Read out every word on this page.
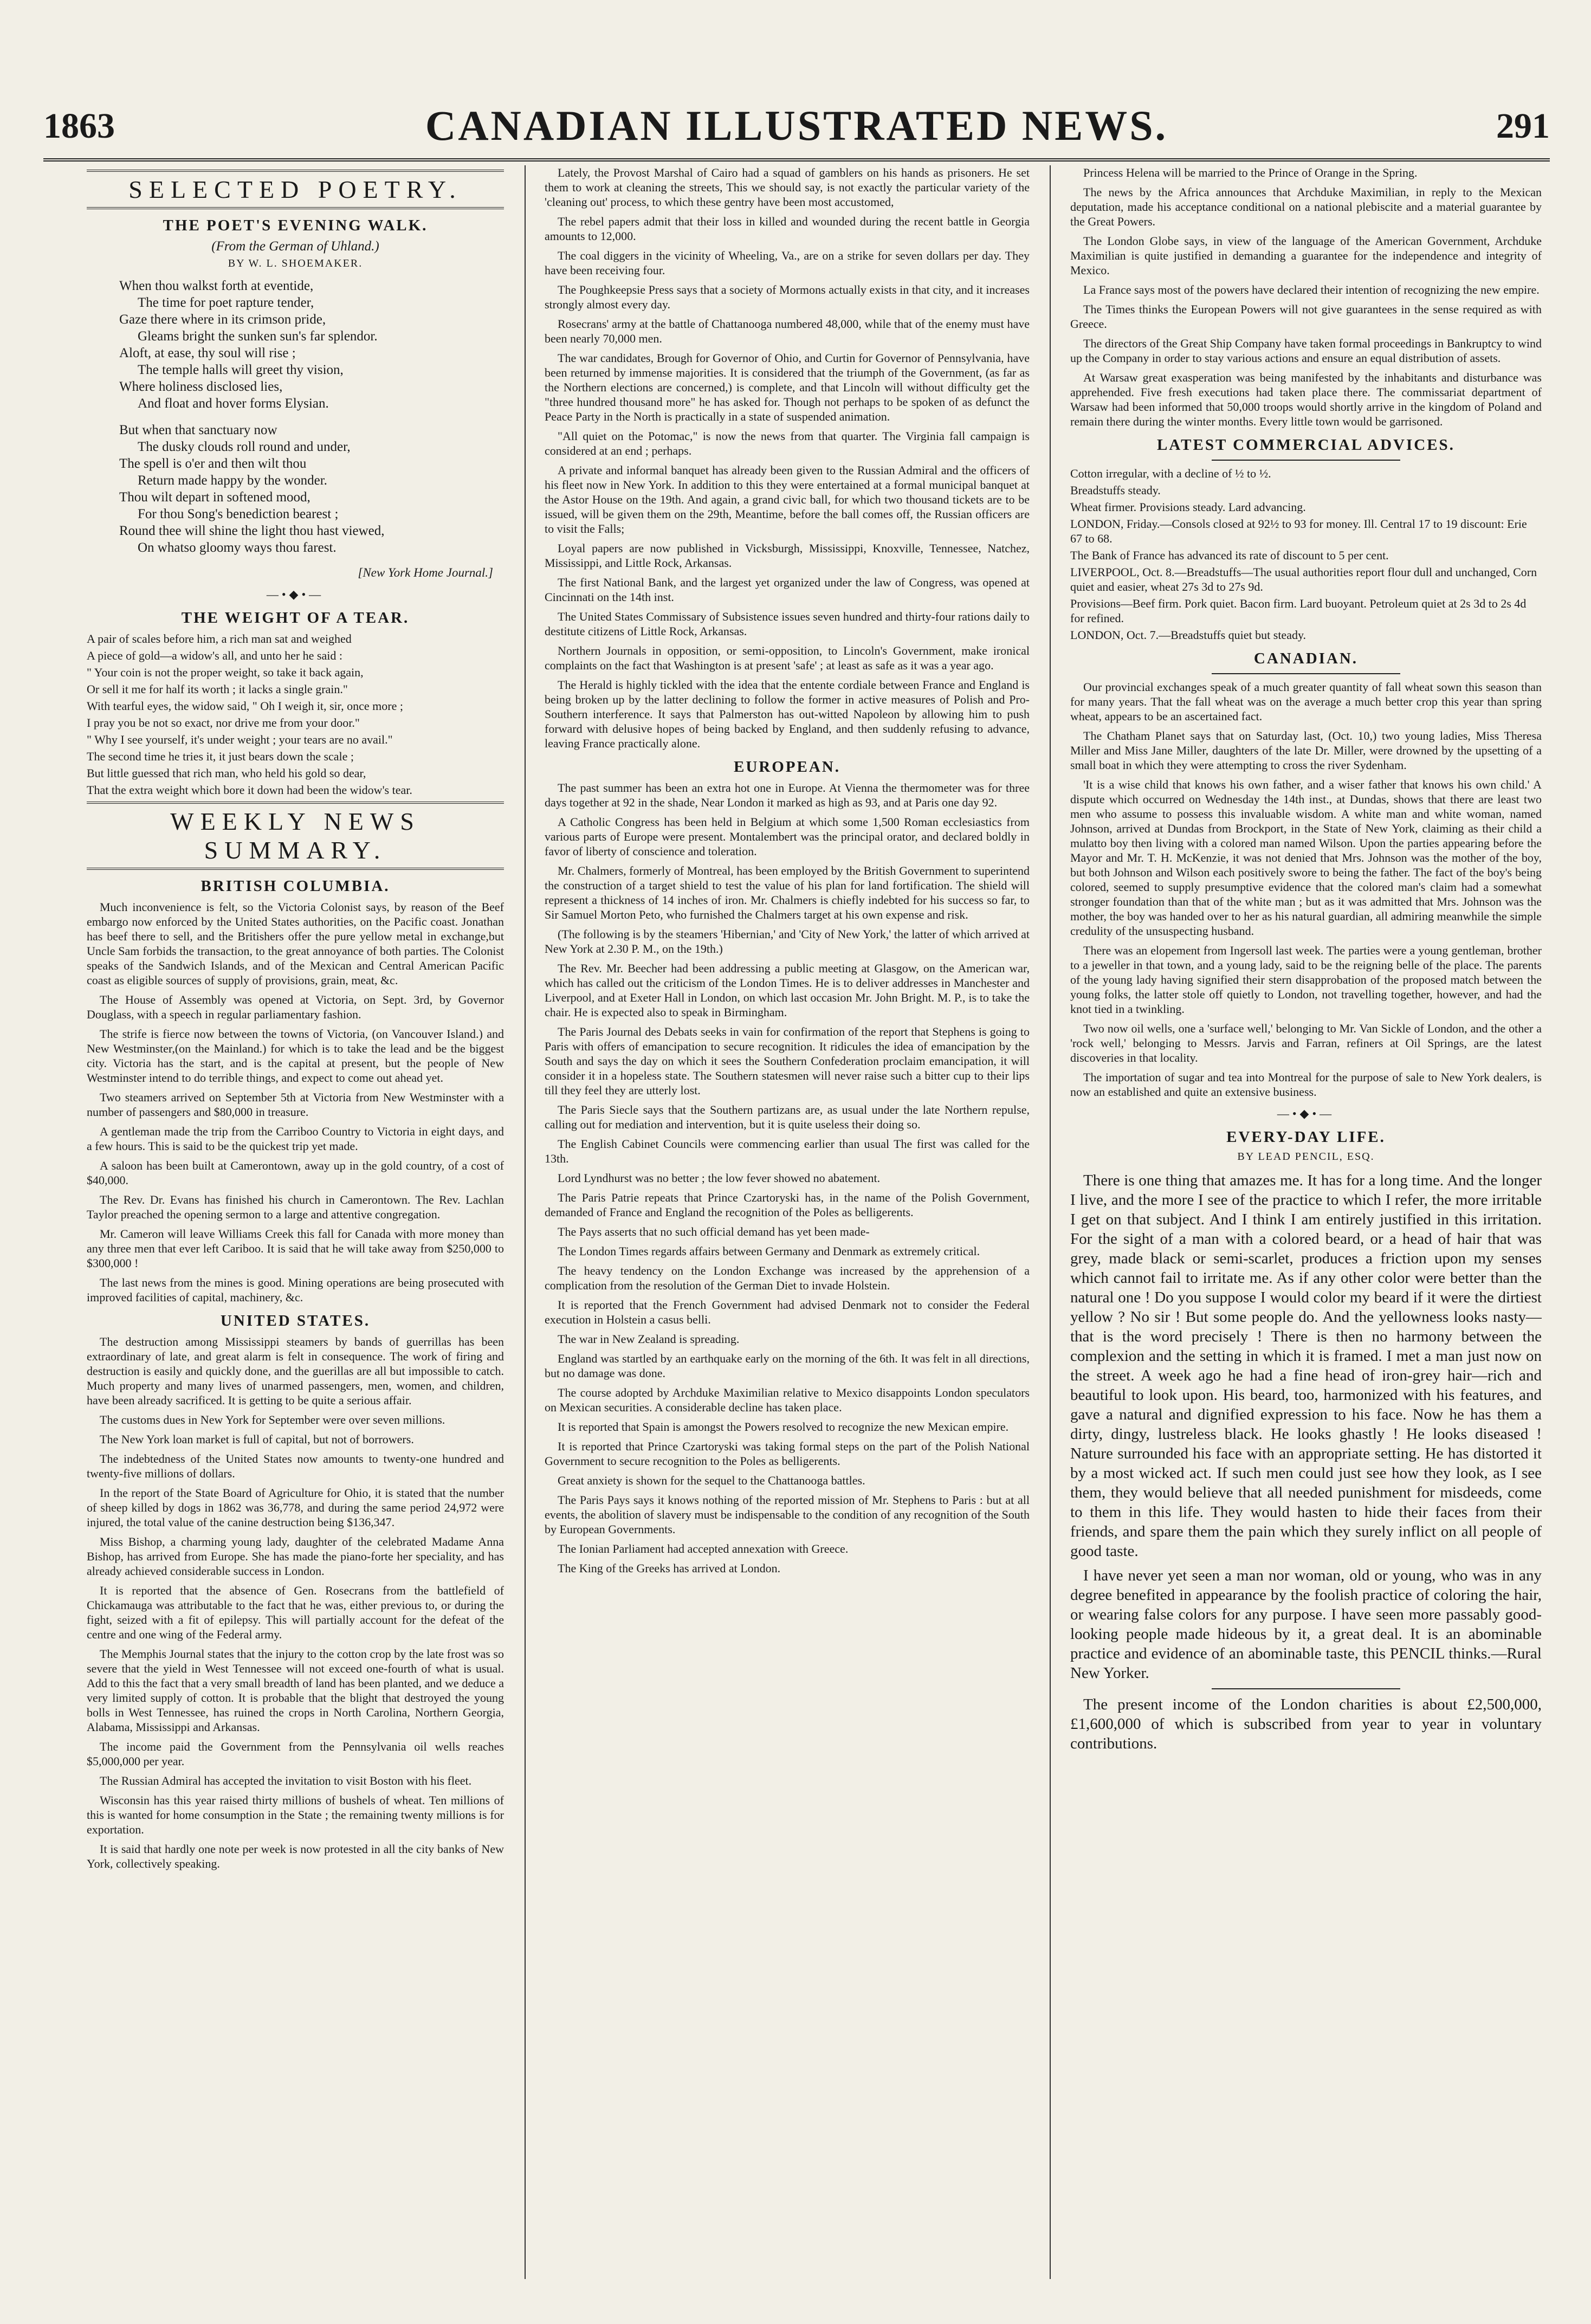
1863	CANADIAN ILLUSTRATED NEWS.	291
SELECTED POETRY.
THE POET'S EVENING WALK.
(From the German of Uhland.)
BY W. L. SHOEMAKER.
When thou walkst forth at eventide,
The time for poet rapture tender,
Gaze there where in its crimson pride,
Gleams bright the sunken sun's far splendor.
Aloft, at ease, thy soul will rise ;
The temple halls will greet thy vision,
Where holiness disclosed lies,
And float and hover forms Elysian.
But when that sanctuary now
The dusky clouds roll round and under,
The spell is o'er and then wilt thou
Return made happy by the wonder.
Thou wilt depart in softened mood,
For thou Song's benediction bearest ;
Round thee will shine the light thou hast viewed,
On whatso gloomy ways thou farest.
[New York Home Journal.]
—•◆•—
THE WEIGHT OF A TEAR.

A pair of scales before him, a rich man sat and weighed

A piece of gold—a widow's all, and unto her he said :

" Your coin is not the proper weight, so take it back again,

Or sell it me for half its worth ; it lacks a single grain."

With tearful eyes, the widow said, " Oh I weigh it, sir, once more ;

I pray you be not so exact, nor drive me from your door."

" Why I see yourself, it's under weight ; your tears are no avail."

The second time he tries it, it just bears down the scale ;

But little guessed that rich man, who held his gold so dear,

That the extra weight which bore it down had been the widow's tear.

WEEKLY NEWS SUMMARY.
BRITISH COLUMBIA.

Much inconvenience is felt, so the Victoria Colonist says, by reason of the Beef embargo now enforced by the United States authorities, on the Pacific coast. Jonathan has beef there to sell, and the Britishers offer the pure yellow metal in exchange,but Uncle Sam forbids the transaction, to the great annoyance of both parties. The Colonist speaks of the Sandwich Islands, and of the Mexican and Central American Pacific coast as eligible sources of supply of provisions, grain, meat, &c.

The House of Assembly was opened at Victoria, on Sept. 3rd, by Governor Douglass, with a speech in regular parliamentary fashion.

The strife is fierce now between the towns of Victoria, (on Vancouver Island.) and New Westminster,(on the Mainland.) for which is to take the lead and be the biggest city. Victoria has the start, and is the capital at present, but the people of New Westminster intend to do terrible things, and expect to come out ahead yet.

Two steamers arrived on September 5th at Victoria from New Westminster with a number of passengers and $80,000 in treasure.

A gentleman made the trip from the Carriboo Country to Victoria in eight days, and a few hours. This is said to be the quickest trip yet made.

A saloon has been built at Camerontown, away up in the gold country, of a cost of $40,000.

The Rev. Dr. Evans has finished his church in Camerontown. The Rev. Lachlan Taylor preached the opening sermon to a large and attentive congregation.

Mr. Cameron will leave Williams Creek this fall for Canada with more money than any three men that ever left Cariboo. It is said that he will take away from $250,000 to $300,000 !

The last news from the mines is good. Mining operations are being prosecuted with improved facilities of capital, machinery, &c.

UNITED STATES.

The destruction among Mississippi steamers by bands of guerrillas has been extraordinary of late, and great alarm is felt in consequence. The work of firing and destruction is easily and quickly done, and the guerillas are all but impossible to catch. Much property and many lives of unarmed passengers, men, women, and children, have been already sacrificed. It is getting to be quite a serious affair.

The customs dues in New York for September were over seven millions.

The New York loan market is full of capital, but not of borrowers.

The indebtedness of the United States now amounts to twenty-one hundred and twenty-five millions of dollars.

In the report of the State Board of Agriculture for Ohio, it is stated that the number of sheep killed by dogs in 1862 was 36,778, and during the same period 24,972 were injured, the total value of the canine destruction being $136,347.

Miss Bishop, a charming young lady, daughter of the celebrated Madame Anna Bishop, has arrived from Europe. She has made the piano-forte her speciality, and has already achieved considerable success in London.

It is reported that the absence of Gen. Rosecrans from the battlefield of Chickamauga was attributable to the fact that he was, either previous to, or during the fight, seized with a fit of epilepsy. This will partially account for the defeat of the centre and one wing of the Federal army.

The Memphis Journal states that the injury to the cotton crop by the late frost was so severe that the yield in West Tennessee will not exceed one-fourth of what is usual. Add to this the fact that a very small breadth of land has been planted, and we deduce a very limited supply of cotton. It is probable that the blight that destroyed the young bolls in West Tennessee, has ruined the crops in North Carolina, Northern Georgia, Alabama, Mississippi and Arkansas.

The income paid the Government from the Pennsylvania oil wells reaches $5,000,000 per year.

The Russian Admiral has accepted the invitation to visit Boston with his fleet.

Wisconsin has this year raised thirty millions of bushels of wheat. Ten millions of this is wanted for home consumption in the State ; the remaining twenty millions is for exportation.

It is said that hardly one note per week is now protested in all the city banks of New York, collectively speaking.

Lately, the Provost Marshal of Cairo had a squad of gamblers on his hands as prisoners. He set them to work at cleaning the streets, This we should say, is not exactly the particular variety of the 'cleaning out' process, to which these gentry have been most accustomed,

The rebel papers admit that their loss in killed and wounded during the recent battle in Georgia amounts to 12,000.

The coal diggers in the vicinity of Wheeling, Va., are on a strike for seven dollars per day. They have been receiving four.

The Poughkeepsie Press says that a society of Mormons actually exists in that city, and it increases strongly almost every day.

Rosecrans' army at the battle of Chattanooga numbered 48,000, while that of the enemy must have been nearly 70,000 men.

The war candidates, Brough for Governor of Ohio, and Curtin for Governor of Pennsylvania, have been returned by immense majorities. It is considered that the triumph of the Government, (as far as the Northern elections are concerned,) is complete, and that Lincoln will without difficulty get the "three hundred thousand more" he has asked for. Though not perhaps to be spoken of as defunct the Peace Party in the North is practically in a state of suspended animation.

"All quiet on the Potomac," is now the news from that quarter. The Virginia fall campaign is considered at an end ; perhaps.

A private and informal banquet has already been given to the Russian Admiral and the officers of his fleet now in New York. In addition to this they were entertained at a formal municipal banquet at the Astor House on the 19th. And again, a grand civic ball, for which two thousand tickets are to be issued, will be given them on the 29th, Meantime, before the ball comes off, the Russian officers are to visit the Falls;

Loyal papers are now published in Vicksburgh, Mississippi, Knoxville, Tennessee, Natchez, Mississippi, and Little Rock, Arkansas.

The first National Bank, and the largest yet organized under the law of Congress, was opened at Cincinnati on the 14th inst.

The United States Commissary of Subsistence issues seven hundred and thirty-four rations daily to destitute citizens of Little Rock, Arkansas.

Northern Journals in opposition, or semi-opposition, to Lincoln's Government, make ironical complaints on the fact that Washington is at present 'safe' ; at least as safe as it was a year ago.

The Herald is highly tickled with the idea that the entente cordiale between France and England is being broken up by the latter declining to follow the former in active measures of Polish and Pro-Southern interference. It says that Palmerston has out-witted Napoleon by allowing him to push forward with delusive hopes of being backed by England, and then suddenly refusing to advance, leaving France practically alone.

EUROPEAN.

The past summer has been an extra hot one in Europe. At Vienna the thermometer was for three days together at 92 in the shade, Near London it marked as high as 93, and at Paris one day 92.

A Catholic Congress has been held in Belgium at which some 1,500 Roman ecclesiastics from various parts of Europe were present. Montalembert was the principal orator, and declared boldly in favor of liberty of conscience and toleration.

Mr. Chalmers, formerly of Montreal, has been employed by the British Government to superintend the construction of a target shield to test the value of his plan for land fortification. The shield will represent a thickness of 14 inches of iron. Mr. Chalmers is chiefly indebted for his success so far, to Sir Samuel Morton Peto, who furnished the Chalmers target at his own expense and risk.

(The following is by the steamers 'Hibernian,' and 'City of New York,' the latter of which arrived at New York at 2.30 P. M., on the 19th.)

The Rev. Mr. Beecher had been addressing a public meeting at Glasgow, on the American war, which has called out the criticism of the London Times. He is to deliver addresses in Manchester and Liverpool, and at Exeter Hall in London, on which last occasion Mr. John Bright. M. P., is to take the chair. He is expected also to speak in Birmingham.

The Paris Journal des Debats seeks in vain for confirmation of the report that Stephens is going to Paris with offers of emancipation to secure recognition. It ridicules the idea of emancipation by the South and says the day on which it sees the Southern Confederation proclaim emancipation, it will consider it in a hopeless state. The Southern statesmen will never raise such a bitter cup to their lips till they feel they are utterly lost.

The Paris Siecle says that the Southern partizans are, as usual under the late Northern repulse, calling out for mediation and intervention, but it is quite useless their doing so.

The English Cabinet Councils were commencing earlier than usual The first was called for the 13th.

Lord Lyndhurst was no better ; the low fever showed no abatement.

The Paris Patrie repeats that Prince Czartoryski has, in the name of the Polish Government, demanded of France and England the recognition of the Poles as belligerents.

The Pays asserts that no such official demand has yet been made-

The London Times regards affairs between Germany and Denmark as extremely critical.

The heavy tendency on the London Exchange was increased by the apprehension of a complication from the resolution of the German Diet to invade Holstein.

It is reported that the French Government had advised Denmark not to consider the Federal execution in Holstein a casus belli.

The war in New Zealand is spreading.

England was startled by an earthquake early on the morning of the 6th. It was felt in all directions, but no damage was done.

The course adopted by Archduke Maximilian relative to Mexico disappoints London speculators on Mexican securities. A considerable decline has taken place.

It is reported that Spain is amongst the Powers resolved to recognize the new Mexican empire.

It is reported that Prince Czartoryski was taking formal steps on the part of the Polish National Government to secure recognition to the Poles as belligerents.

Great anxiety is shown for the sequel to the Chattanooga battles.

The Paris Pays says it knows nothing of the reported mission of Mr. Stephens to Paris : but at all events, the abolition of slavery must be indispensable to the condition of any recognition of the South by European Governments.

The Ionian Parliament had accepted annexation with Greece.

The King of the Greeks has arrived at London.

Princess Helena will be married to the Prince of Orange in the Spring.

The news by the Africa announces that Archduke Maximilian, in reply to the Mexican deputation, made his acceptance conditional on a national plebiscite and a material guarantee by the Great Powers.

The London Globe says, in view of the language of the American Government, Archduke Maximilian is quite justified in demanding a guarantee for the independence and integrity of Mexico.

La France says most of the powers have declared their intention of recognizing the new empire.

The Times thinks the European Powers will not give guarantees in the sense required as with Greece.

The directors of the Great Ship Company have taken formal proceedings in Bankruptcy to wind up the Company in order to stay various actions and ensure an equal distribution of assets.

At Warsaw great exasperation was being manifested by the inhabitants and disturbance was apprehended. Five fresh executions had taken place there. The commissariat department of Warsaw had been informed that 50,000 troops would shortly arrive in the kingdom of Poland and remain there during the winter months. Every little town would be garrisoned.

LATEST COMMERCIAL ADVICES.

Cotton irregular, with a decline of ½ to ½.

Breadstuffs steady.

Wheat firmer. Provisions steady. Lard advancing.

LONDON, Friday.—Consols closed at 92½ to 93 for money. Ill. Central 17 to 19 discount: Erie 67 to 68.

The Bank of France has advanced its rate of discount to 5 per cent.

LIVERPOOL, Oct. 8.—Breadstuffs—The usual authorities report flour dull and unchanged, Corn quiet and easier, wheat 27s 3d to 27s 9d.

Provisions—Beef firm. Pork quiet. Bacon firm. Lard buoyant. Petroleum quiet at 2s 3d to 2s 4d for refined.

LONDON, Oct. 7.—Breadstuffs quiet but steady.

CANADIAN.

Our provincial exchanges speak of a much greater quantity of fall wheat sown this season than for many years. That the fall wheat was on the average a much better crop this year than spring wheat, appears to be an ascertained fact.

The Chatham Planet says that on Saturday last, (Oct. 10,) two young ladies, Miss Theresa Miller and Miss Jane Miller, daughters of the late Dr. Miller, were drowned by the upsetting of a small boat in which they were attempting to cross the river Sydenham.

'It is a wise child that knows his own father, and a wiser father that knows his own child.' A dispute which occurred on Wednesday the 14th inst., at Dundas, shows that there are least two men who assume to possess this invaluable wisdom. A white man and white woman, named Johnson, arrived at Dundas from Brockport, in the State of New York, claiming as their child a mulatto boy then living with a colored man named Wilson. Upon the parties appearing before the Mayor and Mr. T. H. McKenzie, it was not denied that Mrs. Johnson was the mother of the boy, but both Johnson and Wilson each positively swore to being the father. The fact of the boy's being colored, seemed to supply presumptive evidence that the colored man's claim had a somewhat stronger foundation than that of the white man ; but as it was admitted that Mrs. Johnson was the mother, the boy was handed over to her as his natural guardian, all admiring meanwhile the simple credulity of the unsuspecting husband.

There was an elopement from Ingersoll last week. The parties were a young gentleman, brother to a jeweller in that town, and a young lady, said to be the reigning belle of the place. The parents of the young lady having signified their stern disapprobation of the proposed match between the young folks, the latter stole off quietly to London, not travelling together, however, and had the knot tied in a twinkling.

Two now oil wells, one a 'surface well,' belonging to Mr. Van Sickle of London, and the other a 'rock well,' belonging to Messrs. Jarvis and Farran, refiners at Oil Springs, are the latest discoveries in that locality.

The importation of sugar and tea into Montreal for the purpose of sale to New York dealers, is now an established and quite an extensive business.

—•◆•—
EVERY-DAY LIFE.
BY LEAD PENCIL, ESQ.

There is one thing that amazes me. It has for a long time. And the longer I live, and the more I see of the practice to which I refer, the more irritable I get on that subject. And I think I am entirely justified in this irritation. For the sight of a man with a colored beard, or a head of hair that was grey, made black or semi-scarlet, produces a friction upon my senses which cannot fail to irritate me. As if any other color were better than the natural one ! Do you suppose I would color my beard if it were the dirtiest yellow ? No sir ! But some people do. And the yellowness looks nasty—that is the word precisely ! There is then no harmony between the complexion and the setting in which it is framed. I met a man just now on the street. A week ago he had a fine head of iron-grey hair—rich and beautiful to look upon. His beard, too, harmonized with his features, and gave a natural and dignified expression to his face. Now he has them a dirty, dingy, lustreless black. He looks ghastly ! He looks diseased ! Nature surrounded his face with an appropriate setting. He has distorted it by a most wicked act. If such men could just see how they look, as I see them, they would believe that all needed punishment for misdeeds, come to them in this life. They would hasten to hide their faces from their friends, and spare them the pain which they surely inflict on all people of good taste.

I have never yet seen a man nor woman, old or young, who was in any degree benefited in appearance by the foolish practice of coloring the hair, or wearing false colors for any purpose. I have seen more passably good-looking people made hideous by it, a great deal. It is an abominable practice and evidence of an abominable taste, this PENCIL thinks.—Rural New Yorker.

The present income of the London charities is about £2,500,000, £1,600,000 of which is subscribed from year to year in voluntary contributions.
